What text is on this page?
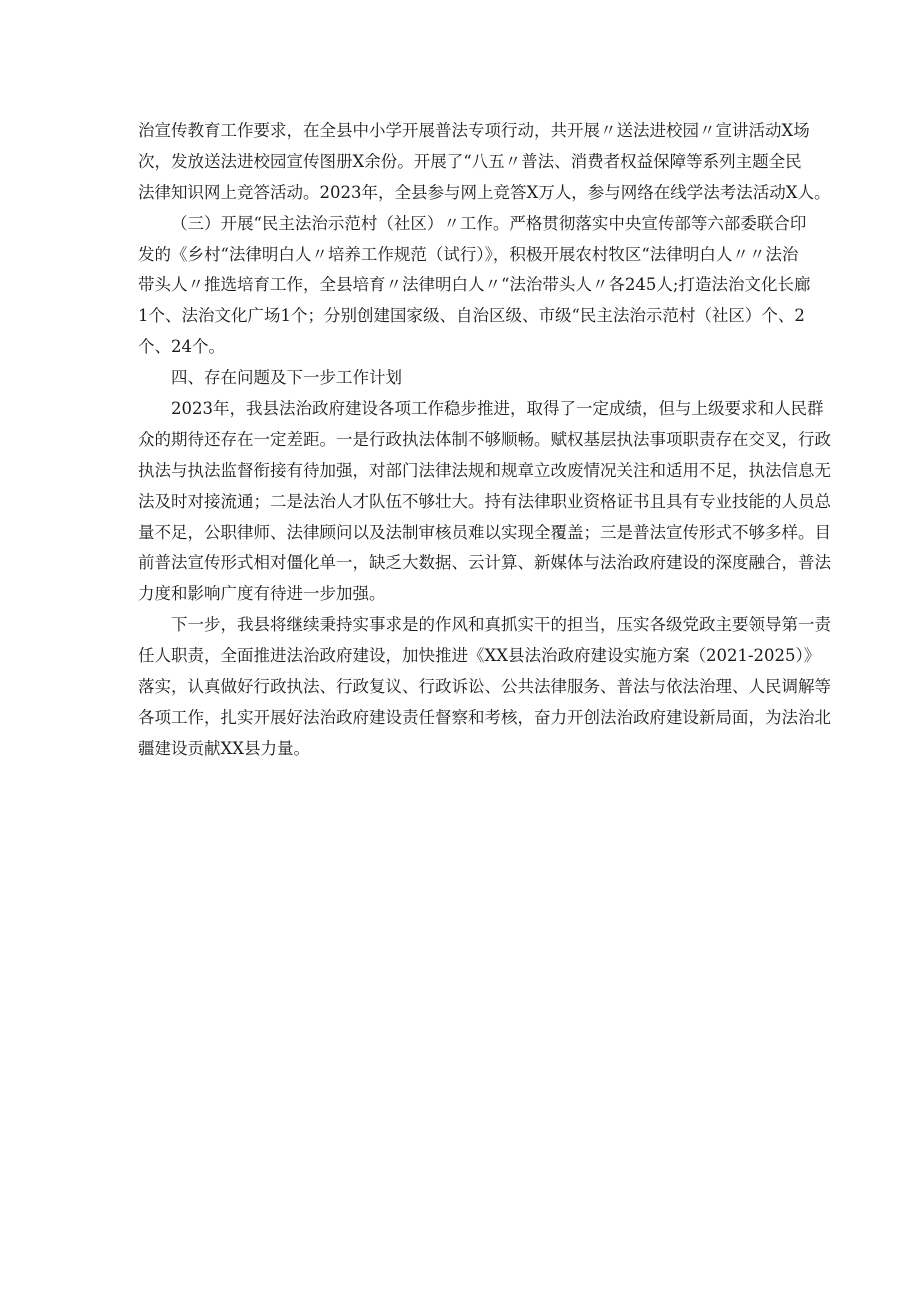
治宣传教育工作要求，在全县中小学开展普法专项行动，共开展〃送法进校园〃宣讲活动X场
次，发放送法进校园宣传图册X余份。开展了“八五〃普法、消费者权益保障等系列主题全民
法律知识网上竞答活动。2023年，全县参与网上竞答X万人，参与网络在线学法考法活动X人。
（三）开展“民主法治示范村（社区）〃工作。严格贯彻落实中央宣传部等六部委联合印
发的《乡村“法律明白人〃培养工作规范（试行）》，积极开展农村牧区“法律明白人〃〃法治
带头人〃推选培育工作，全县培育〃法律明白人〃“法治带头人〃各245人;打造法治文化长廊
1个、法治文化广场1个；分别创建国家级、自治区级、市级“民主法治示范村（社区）个、2
个、24个。
四、存在问题及下一步工作计划
2023年，我县法治政府建设各项工作稳步推进，取得了一定成绩，但与上级要求和人民群
众的期待还存在一定差距。一是行政执法体制不够顺畅。赋权基层执法事项职责存在交叉，行政
执法与执法监督衔接有待加强，对部门法律法规和规章立改废情况关注和适用不足，执法信息无
法及时对接流通；二是法治人才队伍不够壮大。持有法律职业资格证书且具有专业技能的人员总
量不足，公职律师、法律顾问以及法制审核员难以实现全覆盖；三是普法宣传形式不够多样。目
前普法宣传形式相对僵化单一，缺乏大数据、云计算、新媒体与法治政府建设的深度融合，普法
力度和影响广度有待进一步加强。
下一步，我县将继续秉持实事求是的作风和真抓实干的担当，压实各级党政主要领导第一责
任人职责，全面推进法治政府建设，加快推进《XX县法治政府建设实施方案（2021-2025）》
落实，认真做好行政执法、行政复议、行政诉讼、公共法律服务、普法与依法治理、人民调解等
各项工作，扎实开展好法治政府建设责任督察和考核，奋力开创法治政府建设新局面，为法治北
疆建设贡献XX县力量。
